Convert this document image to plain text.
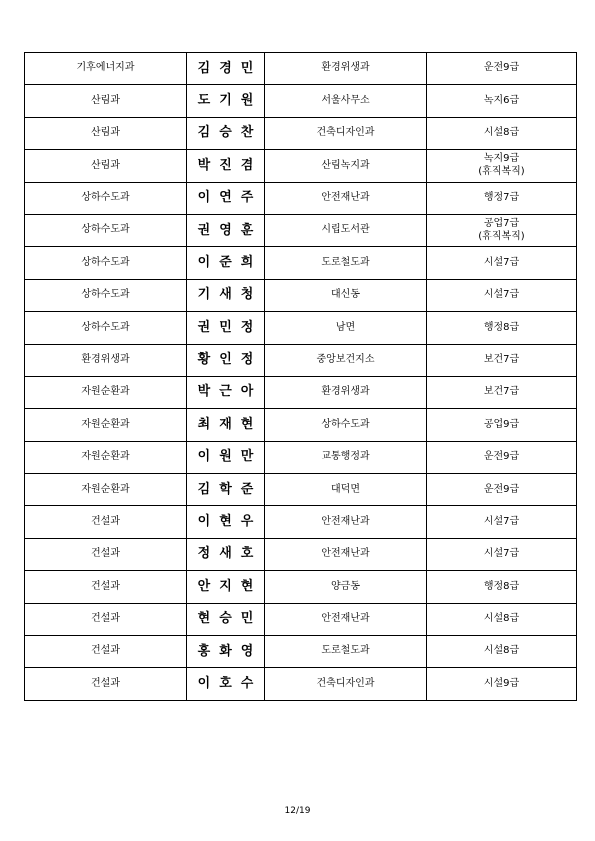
기후에너지과	김경민	환경위생과	운전9급

산림과	도기원	서울사무소	녹지6급

산림과	김승찬	건축디자인과	시설8급

산림과	박진겸	산림녹지과	녹지9급
(휴직복직)

상하수도과	이연주	안전재난과	행정7급

상하수도과	권영훈	시립도서관	공업7급
(휴직복직)

상하수도과	이준희	도로철도과	시설7급

상하수도과	기새청	대신동	시설7급

상하수도과	권민정	남면	행정8급

환경위생과	황인정	중앙보건지소	보건7급

자원순환과	박근아	환경위생과	보건7급

자원순환과	최재현	상하수도과	공업9급

자원순환과	이원만	교통행정과	운전9급

자원순환과	김학준	대덕면	운전9급

건설과	이현우	안전재난과	시설7급

건설과	정새호	안전재난과	시설7급

건설과	안지현	양금동	행정8급

건설과	현승민	안전재난과	시설8급

건설과	홍화영	도로철도과	시설8급

건설과	이호수	건축디자인과	시설9급
12/19
